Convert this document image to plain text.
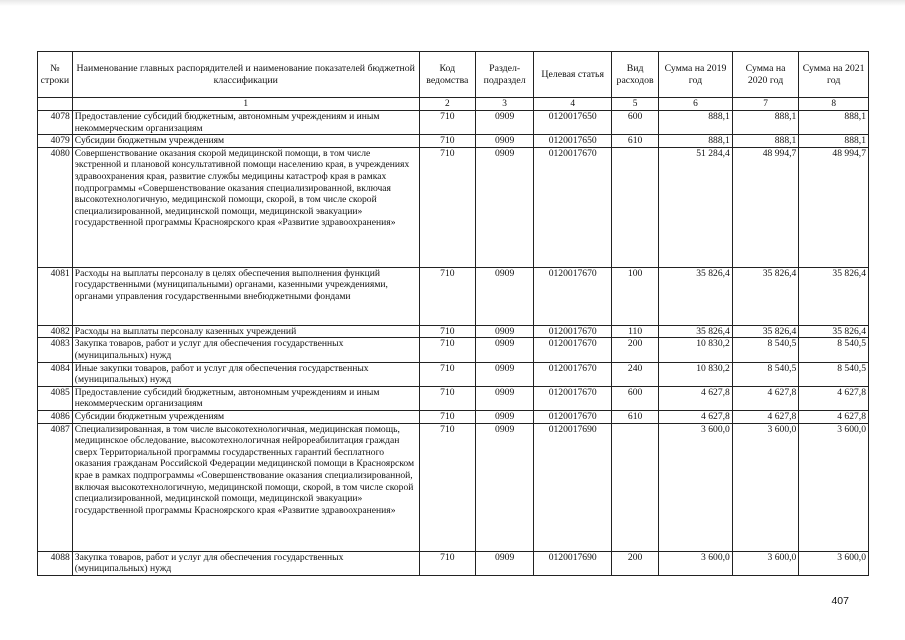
№ строки	Наименование главных распорядителей и наименование показателей бюджетной классификации	Код ведомства	Раздел-подраздел	Целевая статья	Вид расходов	Сумма на 2019 год	Сумма на 2020 год	Сумма на 2021 год
	1	2	3	4	5	6	7	8
4078	Предоставление субсидий бюджетным, автономным учреждениям и иным некоммерческим организациям	710	0909	0120017650	600	888,1	888,1	888,1
4079	Субсидии бюджетным учреждениям	710	0909	0120017650	610	888,1	888,1	888,1
4080	Совершенствование оказания скорой медицинской помощи, в том числе экстренной и плановой консультативной помощи населению края, в учреждениях здравоохранения края, развитие службы медицины катастроф края в рамках подпрограммы «Совершенствование оказания специализированной, включая высокотехнологичную, медицинской помощи, скорой, в том числе скорой специализированной, медицинской помощи, медицинской эвакуации» государственной программы Красноярского края «Развитие здравоохранения»	710	0909	0120017670		51 284,4	48 994,7	48 994,7
4081	Расходы на выплаты персоналу в целях обеспечения выполнения функций государственными (муниципальными) органами, казенными учреждениями, органами управления государственными внебюджетными фондами	710	0909	0120017670	100	35 826,4	35 826,4	35 826,4
4082	Расходы на выплаты персоналу казенных учреждений	710	0909	0120017670	110	35 826,4	35 826,4	35 826,4
4083	Закупка товаров, работ и услуг для обеспечения государственных (муниципальных) нужд	710	0909	0120017670	200	10 830,2	8 540,5	8 540,5
4084	Иные закупки товаров, работ и услуг для обеспечения государственных (муниципальных) нужд	710	0909	0120017670	240	10 830,2	8 540,5	8 540,5
4085	Предоставление субсидий бюджетным, автономным учреждениям и иным некоммерческим организациям	710	0909	0120017670	600	4 627,8	4 627,8	4 627,8
4086	Субсидии бюджетным учреждениям	710	0909	0120017670	610	4 627,8	4 627,8	4 627,8
4087	Специализированная, в том числе высокотехнологичная, медицинская помощь, медицинское обследование, высокотехнологичная нейрореабилитация граждан сверх Территориальной программы государственных гарантий бесплатного оказания гражданам Российской Федерации медицинской помощи в Красноярском крае в рамках подпрограммы «Совершенствование оказания специализированной, включая высокотехнологичную, медицинской помощи, скорой, в том числе скорой специализированной, медицинской помощи, медицинской эвакуации» государственной программы Красноярского края «Развитие здравоохранения»	710	0909	0120017690		3 600,0	3 600,0	3 600,0
4088	Закупка товаров, работ и услуг для обеспечения государственных (муниципальных) нужд	710	0909	0120017690	200	3 600,0	3 600,0	3 600,0
407
